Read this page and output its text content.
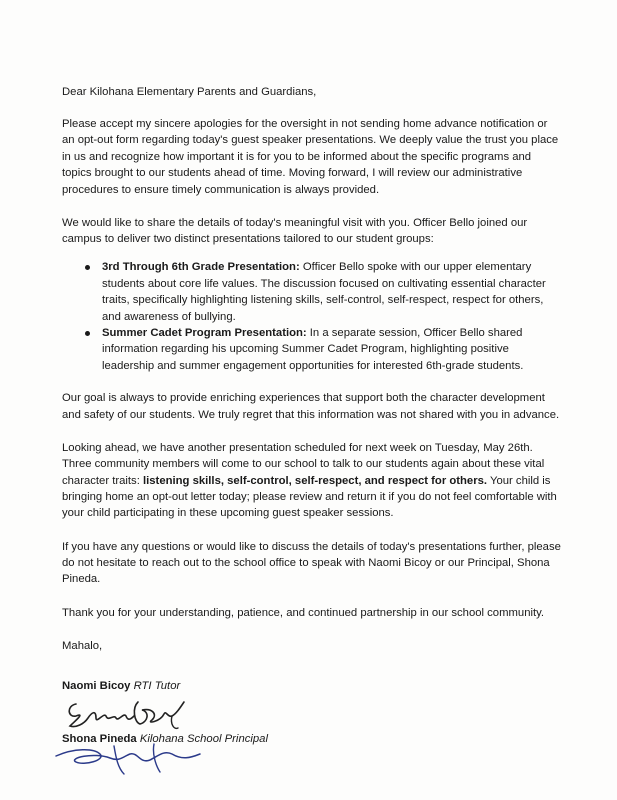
Dear Kilohana Elementary Parents and Guardians,

Please accept my sincere apologies for the oversight in not sending home advance notification or an opt-out form regarding today's guest speaker presentations. We deeply value the trust you place in us and recognize how important it is for you to be informed about the specific programs and topics brought to our students ahead of time. Moving forward, I will review our administrative procedures to ensure timely communication is always provided.

We would like to share the details of today's meaningful visit with you. Officer Bello joined our campus to deliver two distinct presentations tailored to our student groups:

3rd Through 6th Grade Presentation: Officer Bello spoke with our upper elementary students about core life values. The discussion focused on cultivating essential character traits, specifically highlighting listening skills, self-control, self-respect, respect for others, and awareness of bullying.
Summer Cadet Program Presentation: In a separate session, Officer Bello shared information regarding his upcoming Summer Cadet Program, highlighting positive leadership and summer engagement opportunities for interested 6th-grade students.

Our goal is always to provide enriching experiences that support both the character development and safety of our students. We truly regret that this information was not shared with you in advance.

Looking ahead, we have another presentation scheduled for next week on Tuesday, May 26th. Three community members will come to our school to talk to our students again about these vital character traits: listening skills, self-control, self-respect, and respect for others. Your child is bringing home an opt-out letter today; please review and return it if you do not feel comfortable with your child participating in these upcoming guest speaker sessions.

If you have any questions or would like to discuss the details of today's presentations further, please do not hesitate to reach out to the school office to speak with Naomi Bicoy or our Principal, Shona Pineda.

Thank you for your understanding, patience, and continued partnership in our school community.

Mahalo,

Naomi Bicoy RTI Tutor

Shona Pineda Kilohana School Principal
